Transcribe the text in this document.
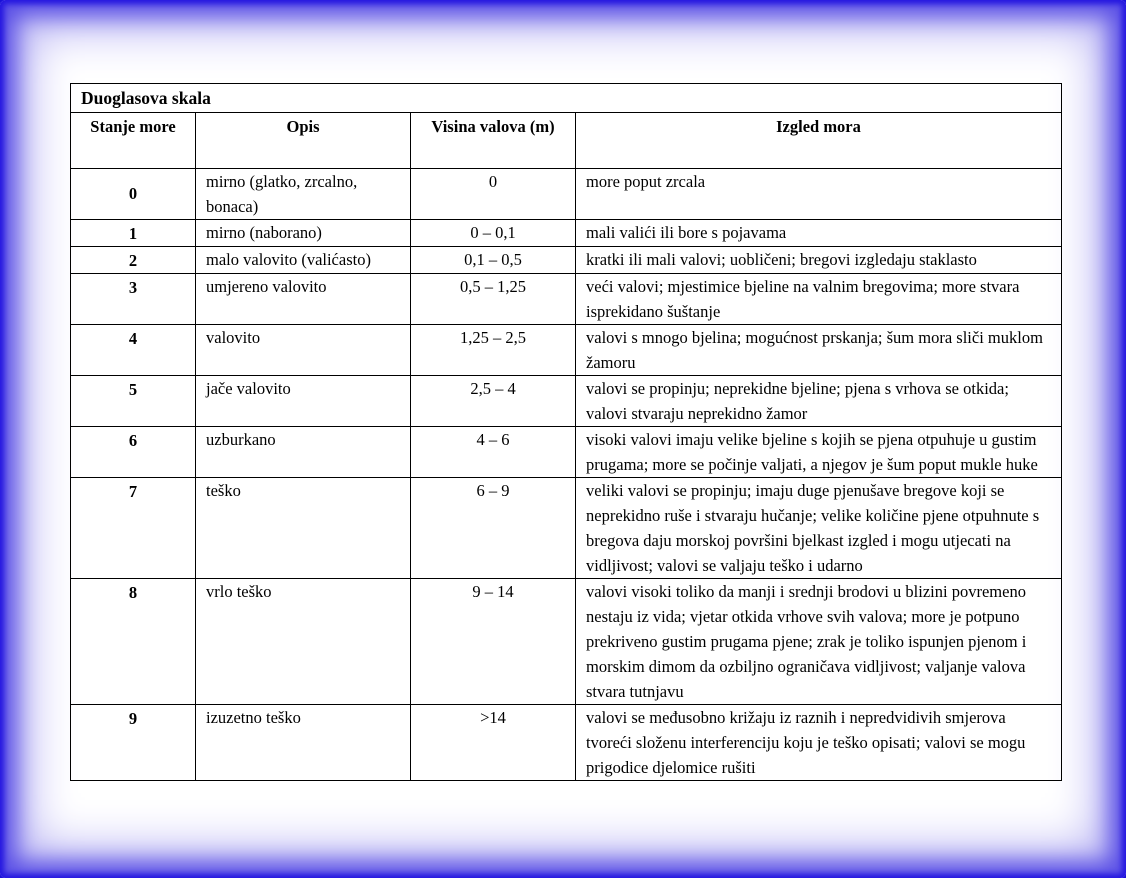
Duoglasova skala			
Stanje more	Opis	Visina valova (m)	Izgled mora
0	mirno (glatko, zrcalno, bonaca)	0	more poput zrcala
1	mirno (naborano)	0 – 0,1	mali valići ili bore s pojavama
2	malo valovito (valićasto)	0,1 – 0,5	kratki ili mali valovi; uobličeni; bregovi izgledaju staklasto
3	umjereno valovito	0,5 – 1,25	veći valovi; mjestimice bjeline na valnim bregovima; more stvara isprekidano šuštanje
4	valovito	1,25 – 2,5	valovi s mnogo bjelina; mogućnost prskanja; šum mora sliči muklom žamoru
5	jače valovito	2,5 – 4	valovi se propinju; neprekidne bjeline; pjena s vrhova se otkida; valovi stvaraju neprekidno žamor
6	uzburkano	4 – 6	visoki valovi imaju velike bjeline s kojih se pjena otpuhuje u gustim prugama; more se počinje valjati, a njegov je šum poput mukle huke
7	teško	6 – 9	veliki valovi se propinju; imaju duge pjenušave bregove koji se neprekidno ruše i stvaraju hučanje; velike količine pjene otpuhnute s bregova daju morskoj površini bjelkast izgled i mogu utjecati na vidljivost; valovi se valjaju teško i udarno
8	vrlo teško	9 – 14	valovi visoki toliko da manji i srednji brodovi u blizini povremeno nestaju iz vida; vjetar otkida vrhove svih valova; more je potpuno prekriveno gustim prugama pjene; zrak je toliko ispunjen pjenom i morskim dimom da ozbiljno ograničava vidljivost; valjanje valova stvara tutnjavu
9	izuzetno teško	>14	valovi se međusobno križaju iz raznih i nepredvidivih smjerova tvoreći složenu interferenciju koju je teško opisati; valovi se mogu prigodice djelomice rušiti
